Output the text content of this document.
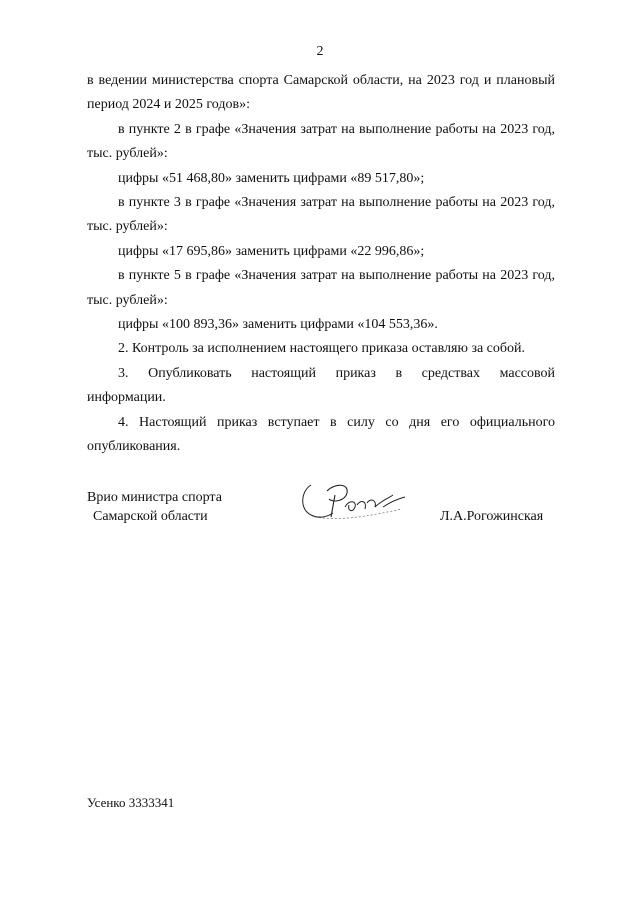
2

в ведении министерства спорта Самарской области, на 2023 год и плановый период 2024 и 2025 годов»:

в пункте 2 в графе «Значения затрат на выполнение работы на 2023 год, тыс. рублей»:

цифры «51 468,80» заменить цифрами «89 517,80»;

в пункте 3 в графе «Значения затрат на выполнение работы на 2023 год, тыс. рублей»:

цифры «17 695,86» заменить цифрами «22 996,86»;

в пункте 5 в графе «Значения затрат на выполнение работы на 2023 год, тыс. рублей»:

цифры «100 893,36» заменить цифрами «104 553,36».

2. Контроль за исполнением настоящего приказа оставляю за собой.

3. Опубликовать настоящий приказ в средствах массовой информации.

4. Настоящий приказ вступает в силу со дня его официального опубликования.

Врио министра спорта
Самарской области	Л.А.Рогожинская
Усенко 3333341
